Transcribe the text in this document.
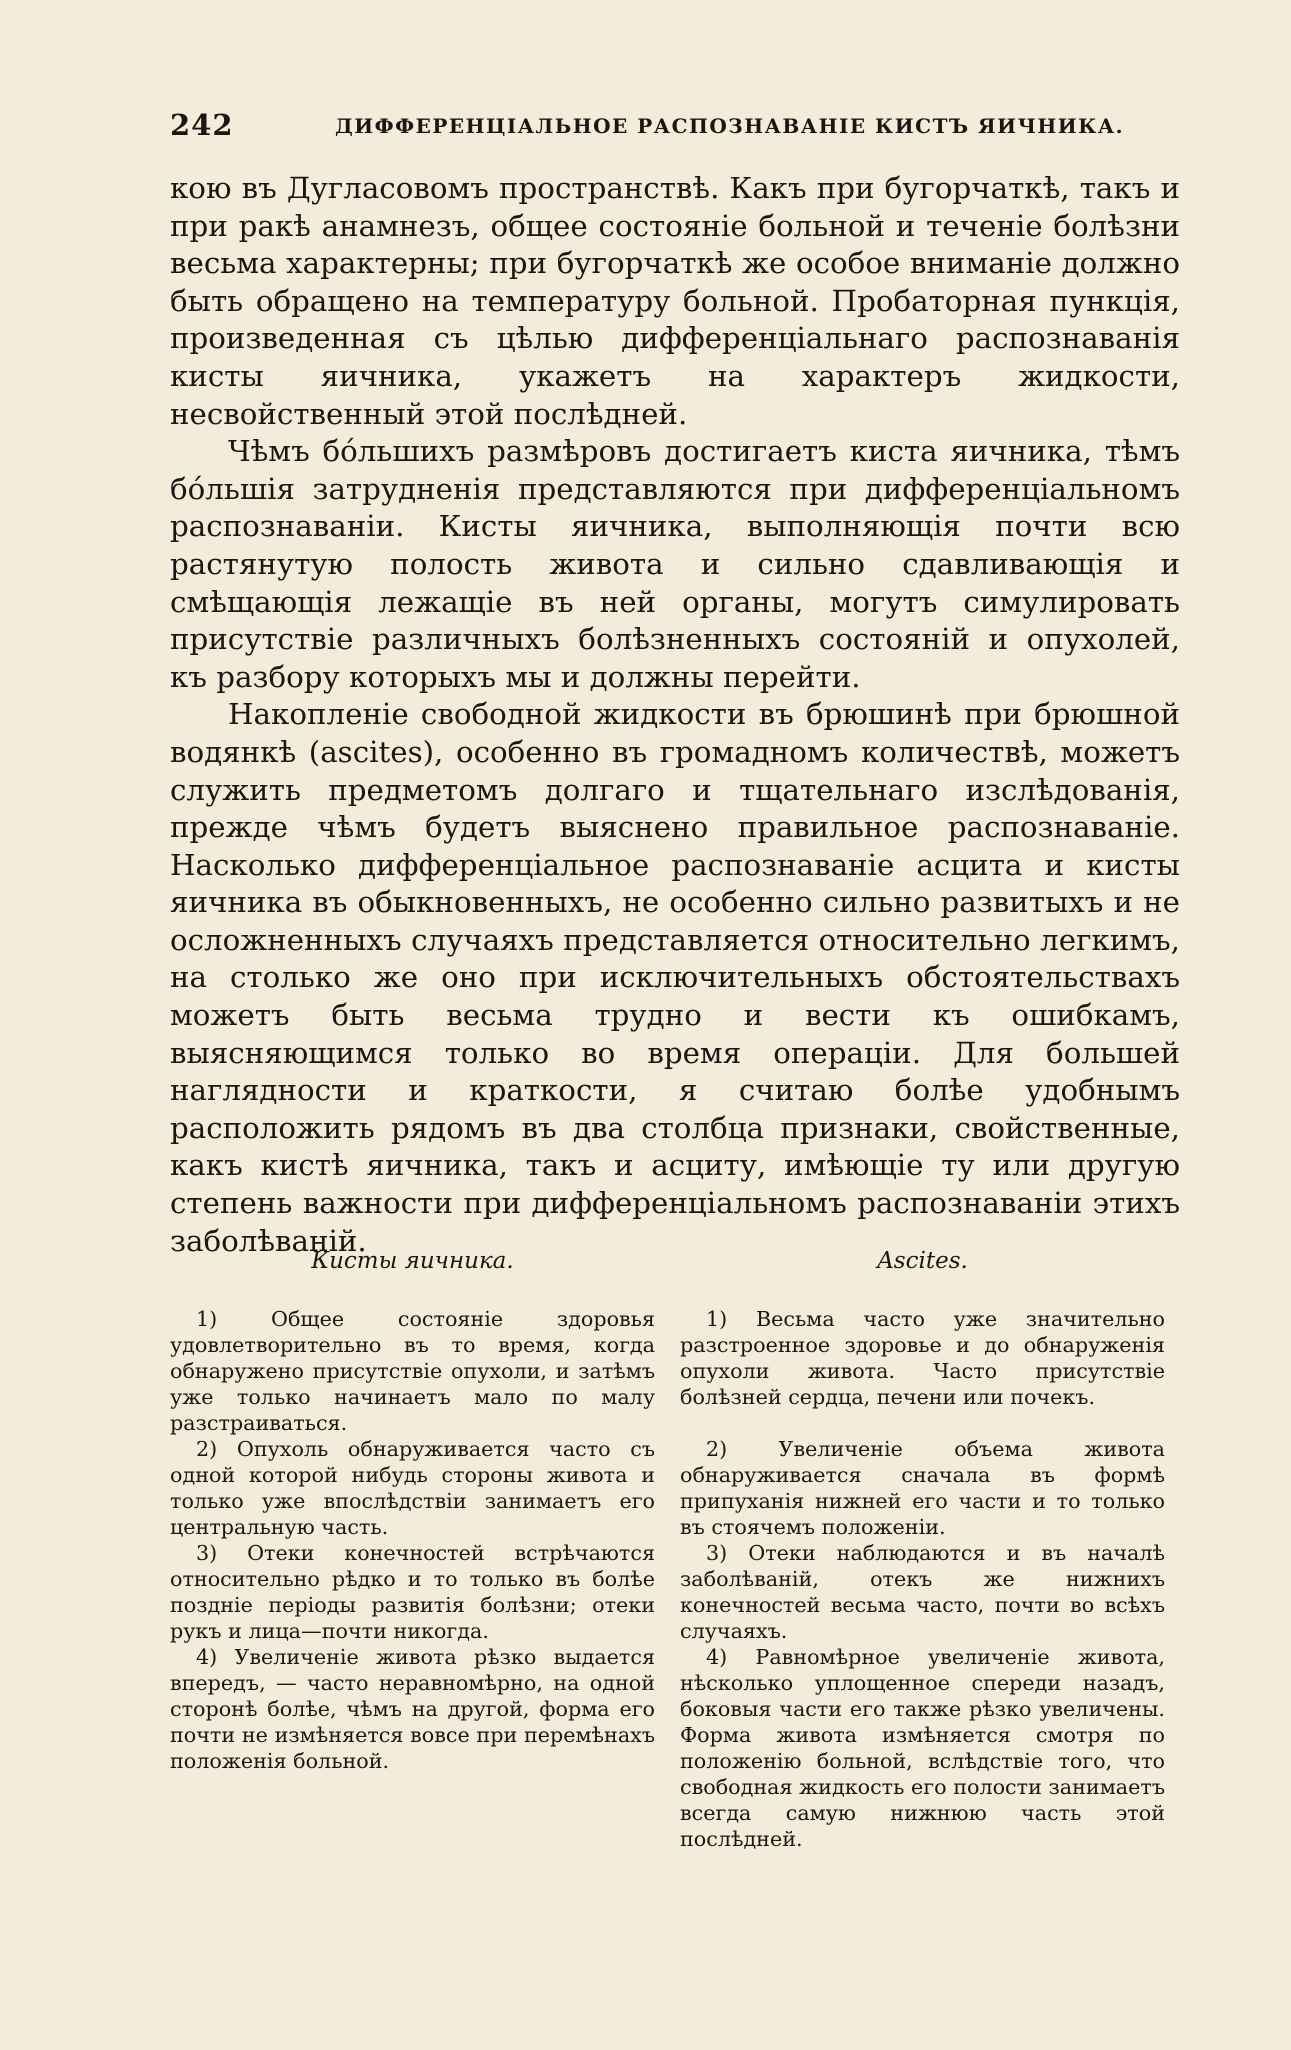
242	ДИФФЕРЕНЦІАЛЬНОЕ РАСПОЗНАВАНІЕ КИСТЪ ЯИЧНИКА.

кою въ Дугласовомъ пространствѣ. Какъ при бугорчаткѣ, такъ и при ракѣ анамнезъ, общее состояніе больной и теченіе болѣзни весьма характерны; при бугорчаткѣ же особое вниманіе должно быть обращено на температуру больной. Пробаторная пункція, произведенная съ цѣлью дифференціальнаго распознаванія кисты яичника, укажетъ на характеръ жидкости, несвойственный этой послѣдней.

Чѣмъ бо́льшихъ размѣровъ достигаетъ киста яичника, тѣмъ бо́льшія затрудненія представляются при дифференціальномъ распознаваніи. Кисты яичника, выполняющія почти всю растянутую полость живота и сильно сдавливающія и смѣщающія лежащіе въ ней органы, могутъ симулировать присутствіе различныхъ болѣзненныхъ состояній и опухолей, къ разбору которыхъ мы и должны перейти.

Накопленіе свободной жидкости въ брюшинѣ при брюшной водянкѣ (ascites), особенно въ громадномъ количествѣ, можетъ служить предметомъ долгаго и тщательнаго изслѣдованія, прежде чѣмъ будетъ выяснено правильное распознаваніе. Насколько дифференціальное распознаваніе асцита и кисты яичника въ обыкновенныхъ, не особенно сильно развитыхъ и не осложненныхъ случаяхъ представляется относительно легкимъ, на столько же оно при исключительныхъ обстоятельствахъ можетъ быть весьма трудно и вести къ ошибкамъ, выясняющимся только во время операціи. Для большей наглядности и краткости, я считаю болѣе удобнымъ расположить рядомъ въ два столбца признаки, свойственные, какъ кистѣ яичника, такъ и асциту, имѣющіе ту или другую степень важности при дифференціальномъ распознаваніи этихъ заболѣваній.

Кисты яичника.

1) Общее состояніе здоровья удовлетворительно въ то время, когда обнаружено присутствіе опухоли, и затѣмъ уже только начинаетъ мало по малу разстраиваться.

2) Опухоль обнаруживается часто съ одной которой нибудь стороны живота и только уже впослѣдствіи занимаетъ его центральную часть.

3) Отеки конечностей встрѣчаются относительно рѣдко и то только въ болѣе поздніе періоды развитія болѣзни; отеки рукъ и лица—почти никогда.

4) Увеличеніе живота рѣзко выдается впередъ, — часто неравномѣрно, на одной сторонѣ болѣе, чѣмъ на другой, форма его почти не измѣняется вовсе при перемѣнахъ положенія больной.

Ascites.

1) Весьма часто уже значительно разстроенное здоровье и до обнаруженія опухоли живота. Часто присутствіе болѣзней сердца, печени или почекъ.

2) Увеличеніе объема живота обнаруживается сначала въ формѣ припуханія нижней его части и то только въ стоячемъ положеніи.

3) Отеки наблюдаются и въ началѣ заболѣваній, отекъ же нижнихъ конечностей весьма часто, почти во всѣхъ случаяхъ.

4) Равномѣрное увеличеніе живота, нѣсколько уплощенное спереди назадъ, боковыя части его также рѣзко увеличены. Форма живота измѣняется смотря по положенію больной, вслѣдствіе того, что свободная жидкость его полости занимаетъ всегда самую нижнюю часть этой послѣдней.
